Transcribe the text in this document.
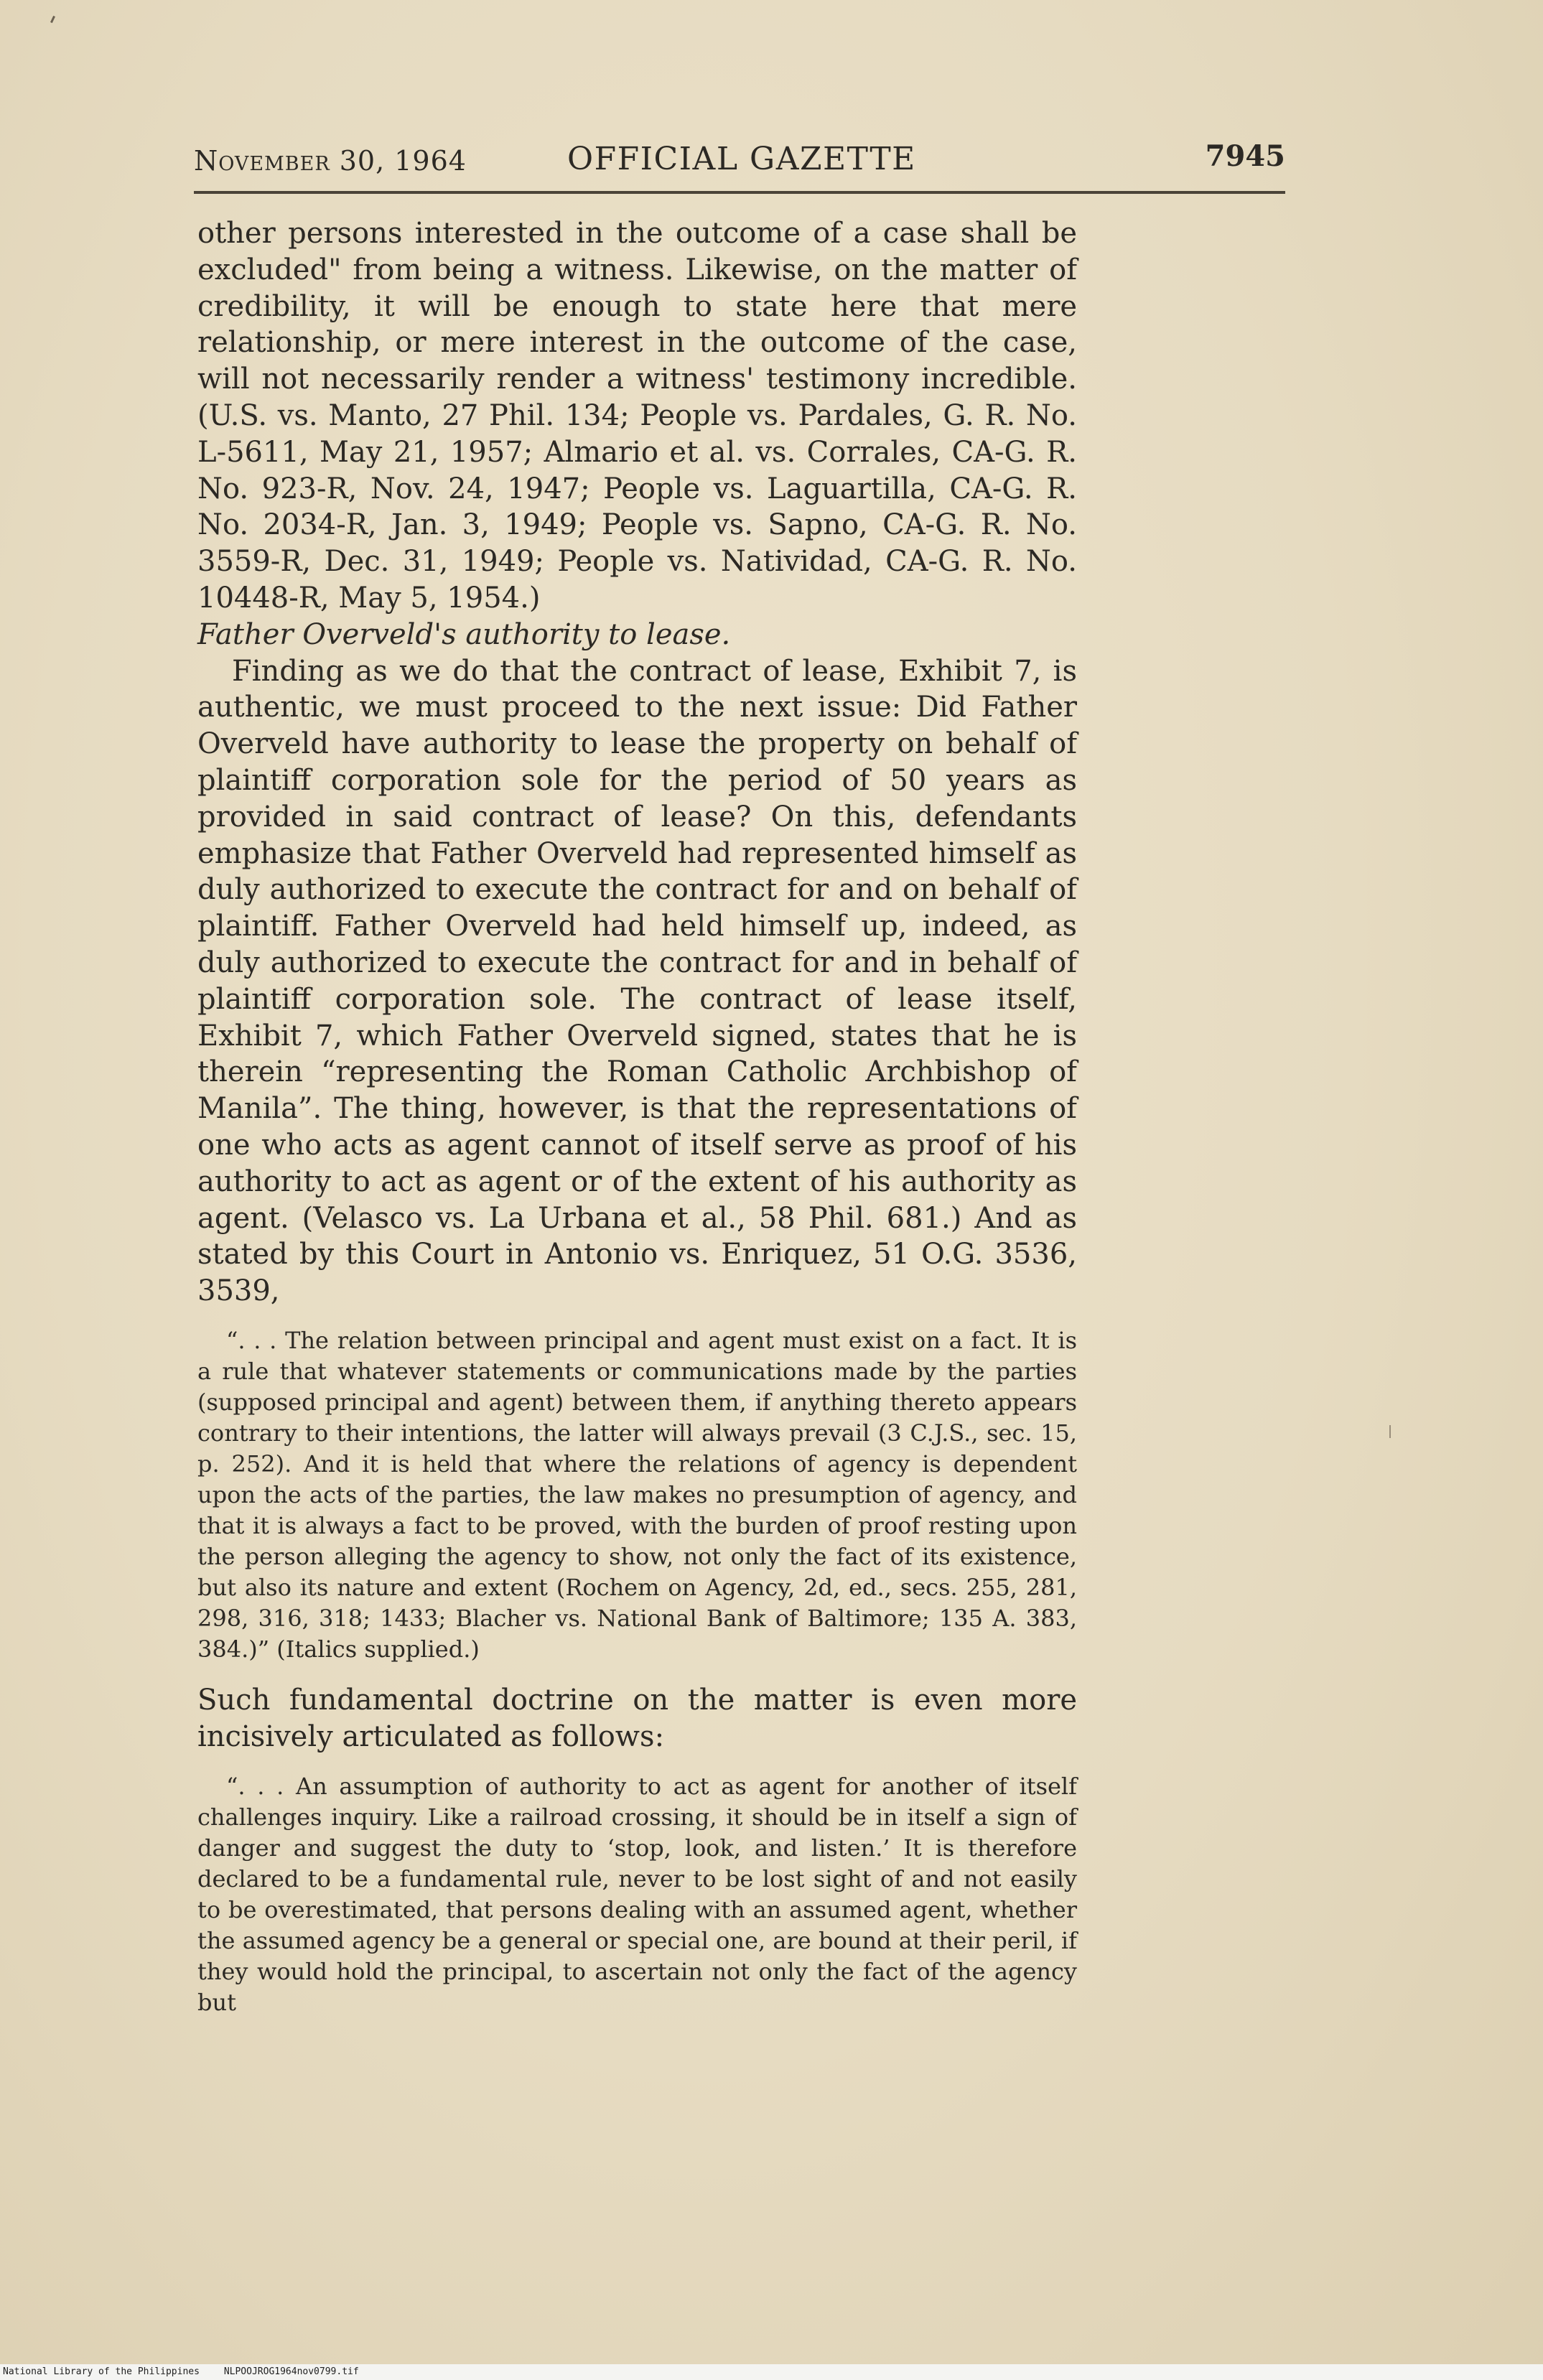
November 30, 1964	OFFICIAL GAZETTE	7945

other persons interested in the outcome of a case shall be excluded" from being a witness. Likewise, on the matter of credibility, it will be enough to state here that mere relationship, or mere interest in the outcome of the case, will not necessarily render a witness' testimony incredible. (U.S. vs. Manto, 27 Phil. 134; People vs. Pardales, G. R. No. L-5611, May 21, 1957; Almario et al. vs. Corrales, CA-G. R. No. 923-R, Nov. 24, 1947; People vs. Laguartilla, CA-G. R. No. 2034-R, Jan. 3, 1949; People vs. Sapno, CA-G. R. No. 3559-R, Dec. 31, 1949; People vs. Natividad, CA-G. R. No. 10448-R, May 5, 1954.)

Father Overveld's authority to lease.

Finding as we do that the contract of lease, Exhibit 7, is authentic, we must proceed to the next issue: Did Father Overveld have authority to lease the property on behalf of plaintiff corporation sole for the period of 50 years as provided in said contract of lease? On this, defendants emphasize that Father Overveld had represented himself as duly authorized to execute the contract for and on behalf of plaintiff. Father Overveld had held himself up, indeed, as duly authorized to execute the contract for and in behalf of plaintiff corporation sole. The contract of lease itself, Exhibit 7, which Father Overveld signed, states that he is therein “representing the Roman Catholic Archbishop of Manila”. The thing, however, is that the representations of one who acts as agent cannot of itself serve as proof of his authority to act as agent or of the extent of his authority as agent. (Velasco vs. La Urbana et al., 58 Phil. 681.) And as stated by this Court in Antonio vs. Enriquez, 51 O.G. 3536, 3539,

“. . . The relation between principal and agent must exist on a fact. It is a rule that whatever statements or communications made by the parties (supposed principal and agent) between them, if anything thereto appears contrary to their intentions, the latter will always prevail (3 C.J.S., sec. 15, p. 252). And it is held that where the relations of agency is dependent upon the acts of the parties, the law makes no presumption of agency, and that it is always a fact to be proved, with the burden of proof resting upon the person alleging the agency to show, not only the fact of its existence, but also its nature and extent (Rochem on Agency, 2d, ed., secs. 255, 281, 298, 316, 318; 1433; Blacher vs. National Bank of Baltimore; 135 A. 383, 384.)” (Italics supplied.)

Such fundamental doctrine on the matter is even more incisively articulated as follows:

“. . . An assumption of authority to act as agent for another of itself challenges inquiry. Like a railroad crossing, it should be in itself a sign of danger and suggest the duty to ‘stop, look, and listen.’ It is therefore declared to be a fundamental rule, never to be lost sight of and not easily to be overestimated, that persons dealing with an assumed agent, whether the assumed agency be a general or special one, are bound at their peril, if they would hold the principal, to ascertain not only the fact of the agency but

National Library of the Philippines	NLPOOJROG1964nov0799.tif
